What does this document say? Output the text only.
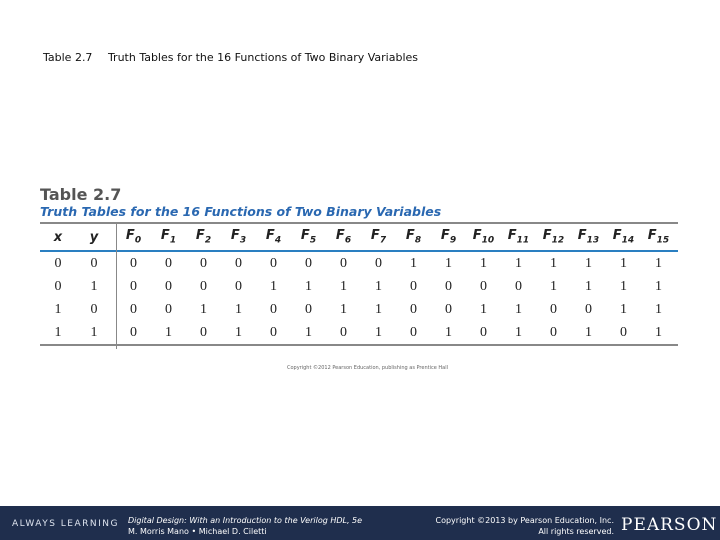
Table 2.7 Truth Tables for the 16 Functions of Two Binary Variables
Table 2.7
Truth Tables for the 16 Functions of Two Binary Variables
x	y	$F_0$	$F_1$	$F_2$	$F_3$	$F_4$	$F_5$	$F_6$	$F_7$	$F_8$	$F_9$	$F_{10}$	$F_{11}$	$F_{12}$	$F_{13}$	$F_{14}$	$F_{15}$
0	0	0	0	0	0	0	0	0	0	1	1	1	1	1	1	1	1
0	1	0	0	0	0	1	1	1	1	0	0	0	0	1	1	1	1
1	0	0	0	1	1	0	0	1	1	0	0	1	1	0	0	1	1
1	1	0	1	0	1	0	1	0	1	0	1	0	1	0	1	0	1
Copyright ©2012 Pearson Education, publishing as Prentice Hall
ALWAYS LEARNING Digital Design: With an Introduction to the Verilog HDL, 5e
M. Morris Mano • Michael D. Ciletti
Copyright ©2013 by Pearson Education, Inc.
All rights reserved. PEARSON
